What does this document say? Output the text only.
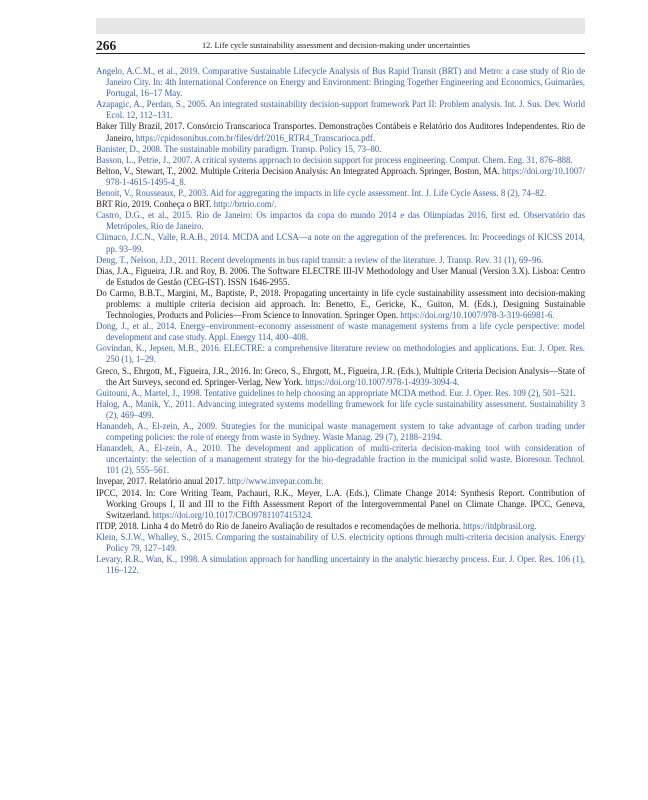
266	12. Life cycle sustainability assessment and decision-making under uncertainties

Angelo, A.C.M., et al., 2019. Comparative Sustainable Lifecycle Analysis of Bus Rapid Transit (BRT) and Metro: a case study of Rio de Janeiro City. In: 4th International Conference on Energy and Environment: Bringing Together Engineering and Economics, Guimarães, Portugal, 16–17 May.

Azapagic, A., Perdan, S., 2005. An integrated sustainability decision-support framework Part II: Problem analysis. Int. J. Sus. Dev. World Ecol. 12, 112–131.

Baker Tilly Brazil, 2017. Consórcio Transcarioca Transportes. Demonstrações Contábeis e Relatório dos Auditores Independentes. Rio de Janeiro, https://cpidosonibus.com.br/files/drf/2016_RTR4_Transcarioca.pdf.

Banister, D., 2008. The sustainable mobility paradigm. Transp. Policy 15, 73–80.

Basson, L., Petrie, J., 2007. A critical systems approach to decision support for process engineering. Comput. Chem. Eng. 31, 876–888.

Belton, V., Stewart, T., 2002. Multiple Criteria Decision Analysis: An Integrated Approach. Springer, Boston, MA. https://doi.org/10.1007/978-1-4615-1495-4_8.

Benoit, V., Rousseaux, P., 2003. Aid for aggregating the impacts in life cycle assessment. Int. J. Life Cycle Assess. 8 (2), 74–82.

BRT Rio, 2019. Conheça o BRT. http://brtrio.com/.

Castro, D.G., et al., 2015. Rio de Janeiro: Os impactos da copa do mundo 2014 e das Olimpíadas 2016, first ed. Observatório das Metrópoles, Rio de Janeiro.

Clímaco, J.C.N., Valle, R.A.B., 2014. MCDA and LCSA—a note on the aggregation of the preferences. In: Proceedings of KICSS 2014, pp. 93–99.

Deng, T., Nelson, J.D., 2011. Recent developments in bus rapid transit: a review of the literature. J. Transp. Rev. 31 (1), 69–96.

Dias, J.A., Figueira, J.R. and Roy, B. 2006. The Software ELECTRE III-IV Methodology and User Manual (Version 3.X). Lisboa: Centro de Estudos de Gestão (CEG-IST). ISSN 1646-2955.

Do Carmo, B.B.T., Margini, M., Baptiste, P., 2018. Propagating uncertainty in life cycle sustainability assessment into decision-making problems: a multiple criteria decision aid approach. In: Benetto, E., Gericke, K., Guiton, M. (Eds.), Designing Sustainable Technologies, Products and Policies—From Science to Innovation. Springer Open. https://doi.org/10.1007/978-3-319-66981-6.

Dong, J., et al., 2014. Energy–environment–economy assessment of waste management systems from a life cycle perspective: model development and case study. Appl. Energy 114, 400–408.

Govindan, K., Jepsen, M.B., 2016. ELECTRE: a comprehensive literature review on methodologies and applications. Eur. J. Oper. Res. 250 (1), 1–29.

Greco, S., Ehrgott, M., Figueira, J.R., 2016. In: Greco, S., Ehrgott, M., Figueira, J.R. (Eds.), Multiple Criteria Decision Analysis—State of the Art Surveys, second ed. Springer-Verlag, New York. https://doi.org/10.1007/978-1-4939-3094-4.

Guitouni, A., Martel, J., 1998. Tentative guidelines to help choosing an appropriate MCDA method. Eur. J. Oper. Res. 109 (2), 501–521.

Halog, A., Manik, Y., 2011. Advancing integrated systems modelling framework for life cycle sustainability assessment. Sustainability 3 (2), 469–499.

Hanandeh, A., El-zein, A., 2009. Strategies for the municipal waste management system to take advantage of carbon trading under competing policies: the role of energy from waste in Sydney. Waste Manag. 29 (7), 2188–2194.

Hanandeh, A., El-zein, A., 2010. The development and application of multi-criteria decision-making tool with consideration of uncertainty: the selection of a management strategy for the bio-degradable fraction in the municipal solid waste. Bioresour. Technol. 101 (2), 555–561.

Invepar, 2017. Relatório anual 2017. http://www.invepar.com.br.

IPCC, 2014. In: Core Writing Team, Pachauri, R.K., Meyer, L.A. (Eds.), Climate Change 2014: Synthesis Report. Contribution of Working Groups I, II and III to the Fifth Assessment Report of the Intergovernmental Panel on Climate Change. IPCC, Geneva, Switzerland. https://doi.org/10.1017/CBO9781107415324.

ITDP, 2018. Linha 4 do Metrô do Rio de Janeiro Avaliação de resultados e recomendações de melhoria. https://itdpbrasil.org.

Klein, S.J.W., Whalley, S., 2015. Comparing the sustainability of U.S. electricity options through multi-criteria decision analysis. Energy Policy 79, 127–149.

Levary, R.R., Wan, K., 1998. A simulation approach for handling uncertainty in the analytic hierarchy process. Eur. J. Oper. Res. 106 (1), 116–122.
